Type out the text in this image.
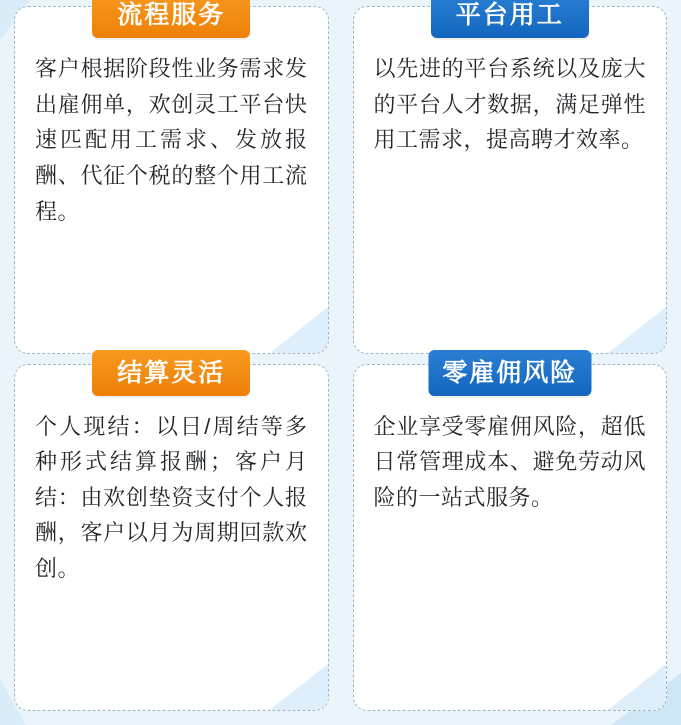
流程服务

客户根据阶段性业务需求发出雇佣单，欢创灵工平台快速匹配用工需求、发放报酬、代征个税的整个用工流程。

平台用工

以先进的平台系统以及庞大的平台人才数据，满足弹性用工需求，提高聘才效率。

结算灵活

个人现结：以日/周结等多种形式结算报酬；客户月结：由欢创垫资支付个人报酬，客户以月为周期回款欢创。

零雇佣风险

企业享受零雇佣风险，超低日常管理成本、避免劳动风险的一站式服务。
